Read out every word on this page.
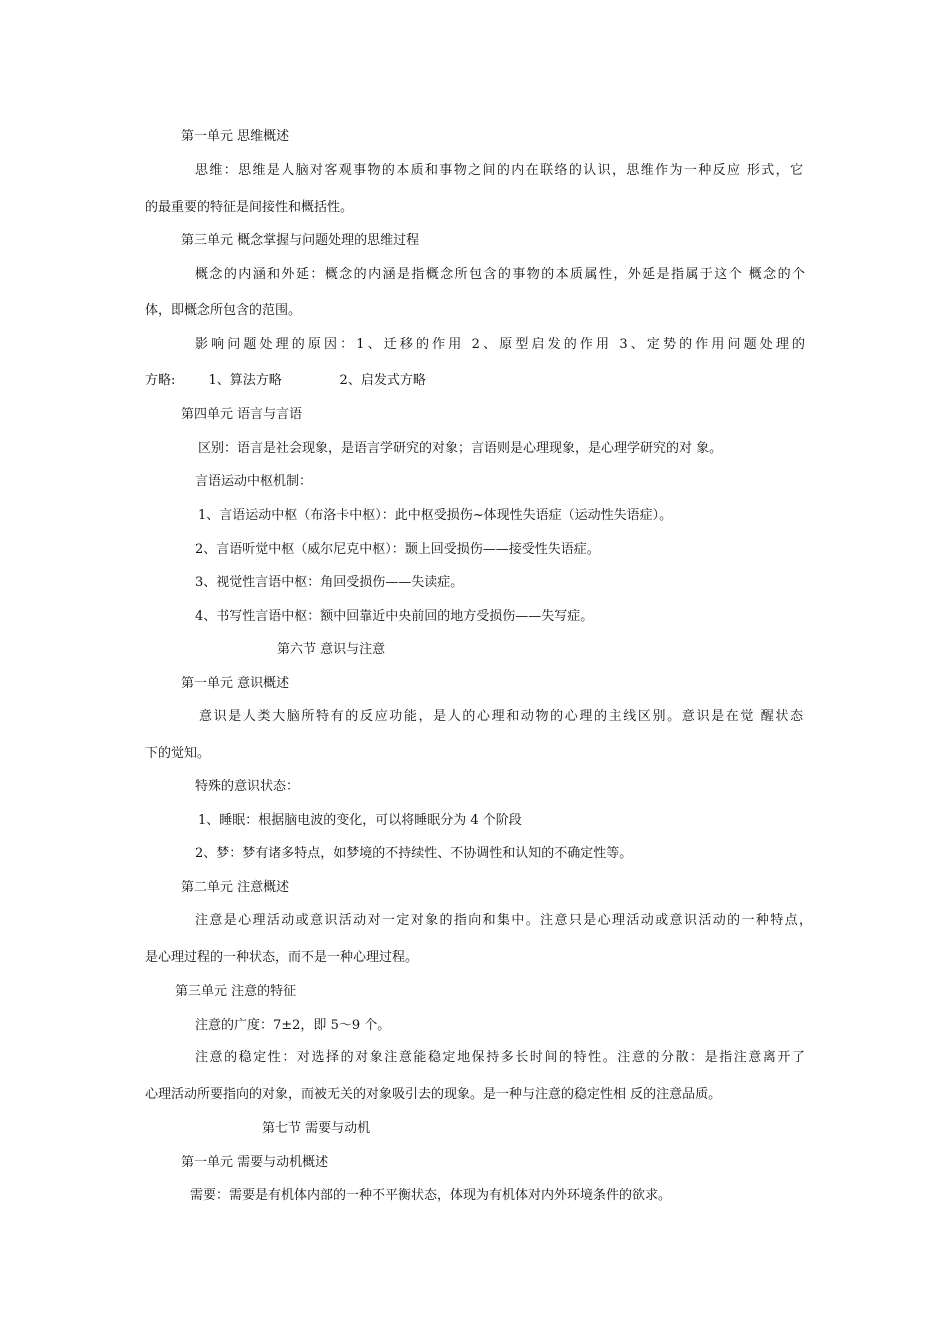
第一单元 思维概述
思维：思维是人脑对客观事物的本质和事物之间的内在联络的认识，思维作为一种反应 形式，它
的最重要的特征是间接性和概括性。
第三单元 概念掌握与问题处理的思维过程
概念的内涵和外延：概念的内涵是指概念所包含的事物的本质属性，外延是指属于这个 概念的个
体，即概念所包含的范围。
影响问题处理的原因：1、迁移的作用 2、原型启发的作用 3、定势的作用问题处理的
方略:        1、算法方略              2、启发式方略
第四单元 语言与言语
区别：语言是社会现象，是语言学研究的对象；言语则是心理现象，是心理学研究的对 象。
言语运动中枢机制：
1、言语运动中枢（布洛卡中枢）：此中枢受损伤~体现性失语症（运动性失语症）。
2、言语听觉中枢（威尔尼克中枢）：颞上回受损伤——接受性失语症。
3、视觉性言语中枢：角回受损伤——失读症。
4、书写性言语中枢：额中回靠近中央前回的地方受损伤——失写症。
第六节 意识与注意
第一单元 意识概述
意识是人类大脑所特有的反应功能，是人的心理和动物的心理的主线区别。意识是在觉 醒状态
下的觉知。
特殊的意识状态：
1、睡眠：根据脑电波的变化，可以将睡眠分为 4 个阶段
2、梦：梦有诸多特点，如梦境的不持续性、不协调性和认知的不确定性等。
第二单元 注意概述
注意是心理活动或意识活动对一定对象的指向和集中。注意只是心理活动或意识活动的一种特点，
是心理过程的一种状态，而不是一种心理过程。
第三单元 注意的特征
注意的广度：7±2，即 5～9 个。
注意的稳定性：对选择的对象注意能稳定地保持多长时间的特性。注意的分散：是指注意离开了
心理活动所要指向的对象，而被无关的对象吸引去的现象。是一种与注意的稳定性相 反的注意品质。
第七节 需要与动机
第一单元 需要与动机概述
需要：需要是有机体内部的一种不平衡状态，体现为有机体对内外环境条件的欲求。
